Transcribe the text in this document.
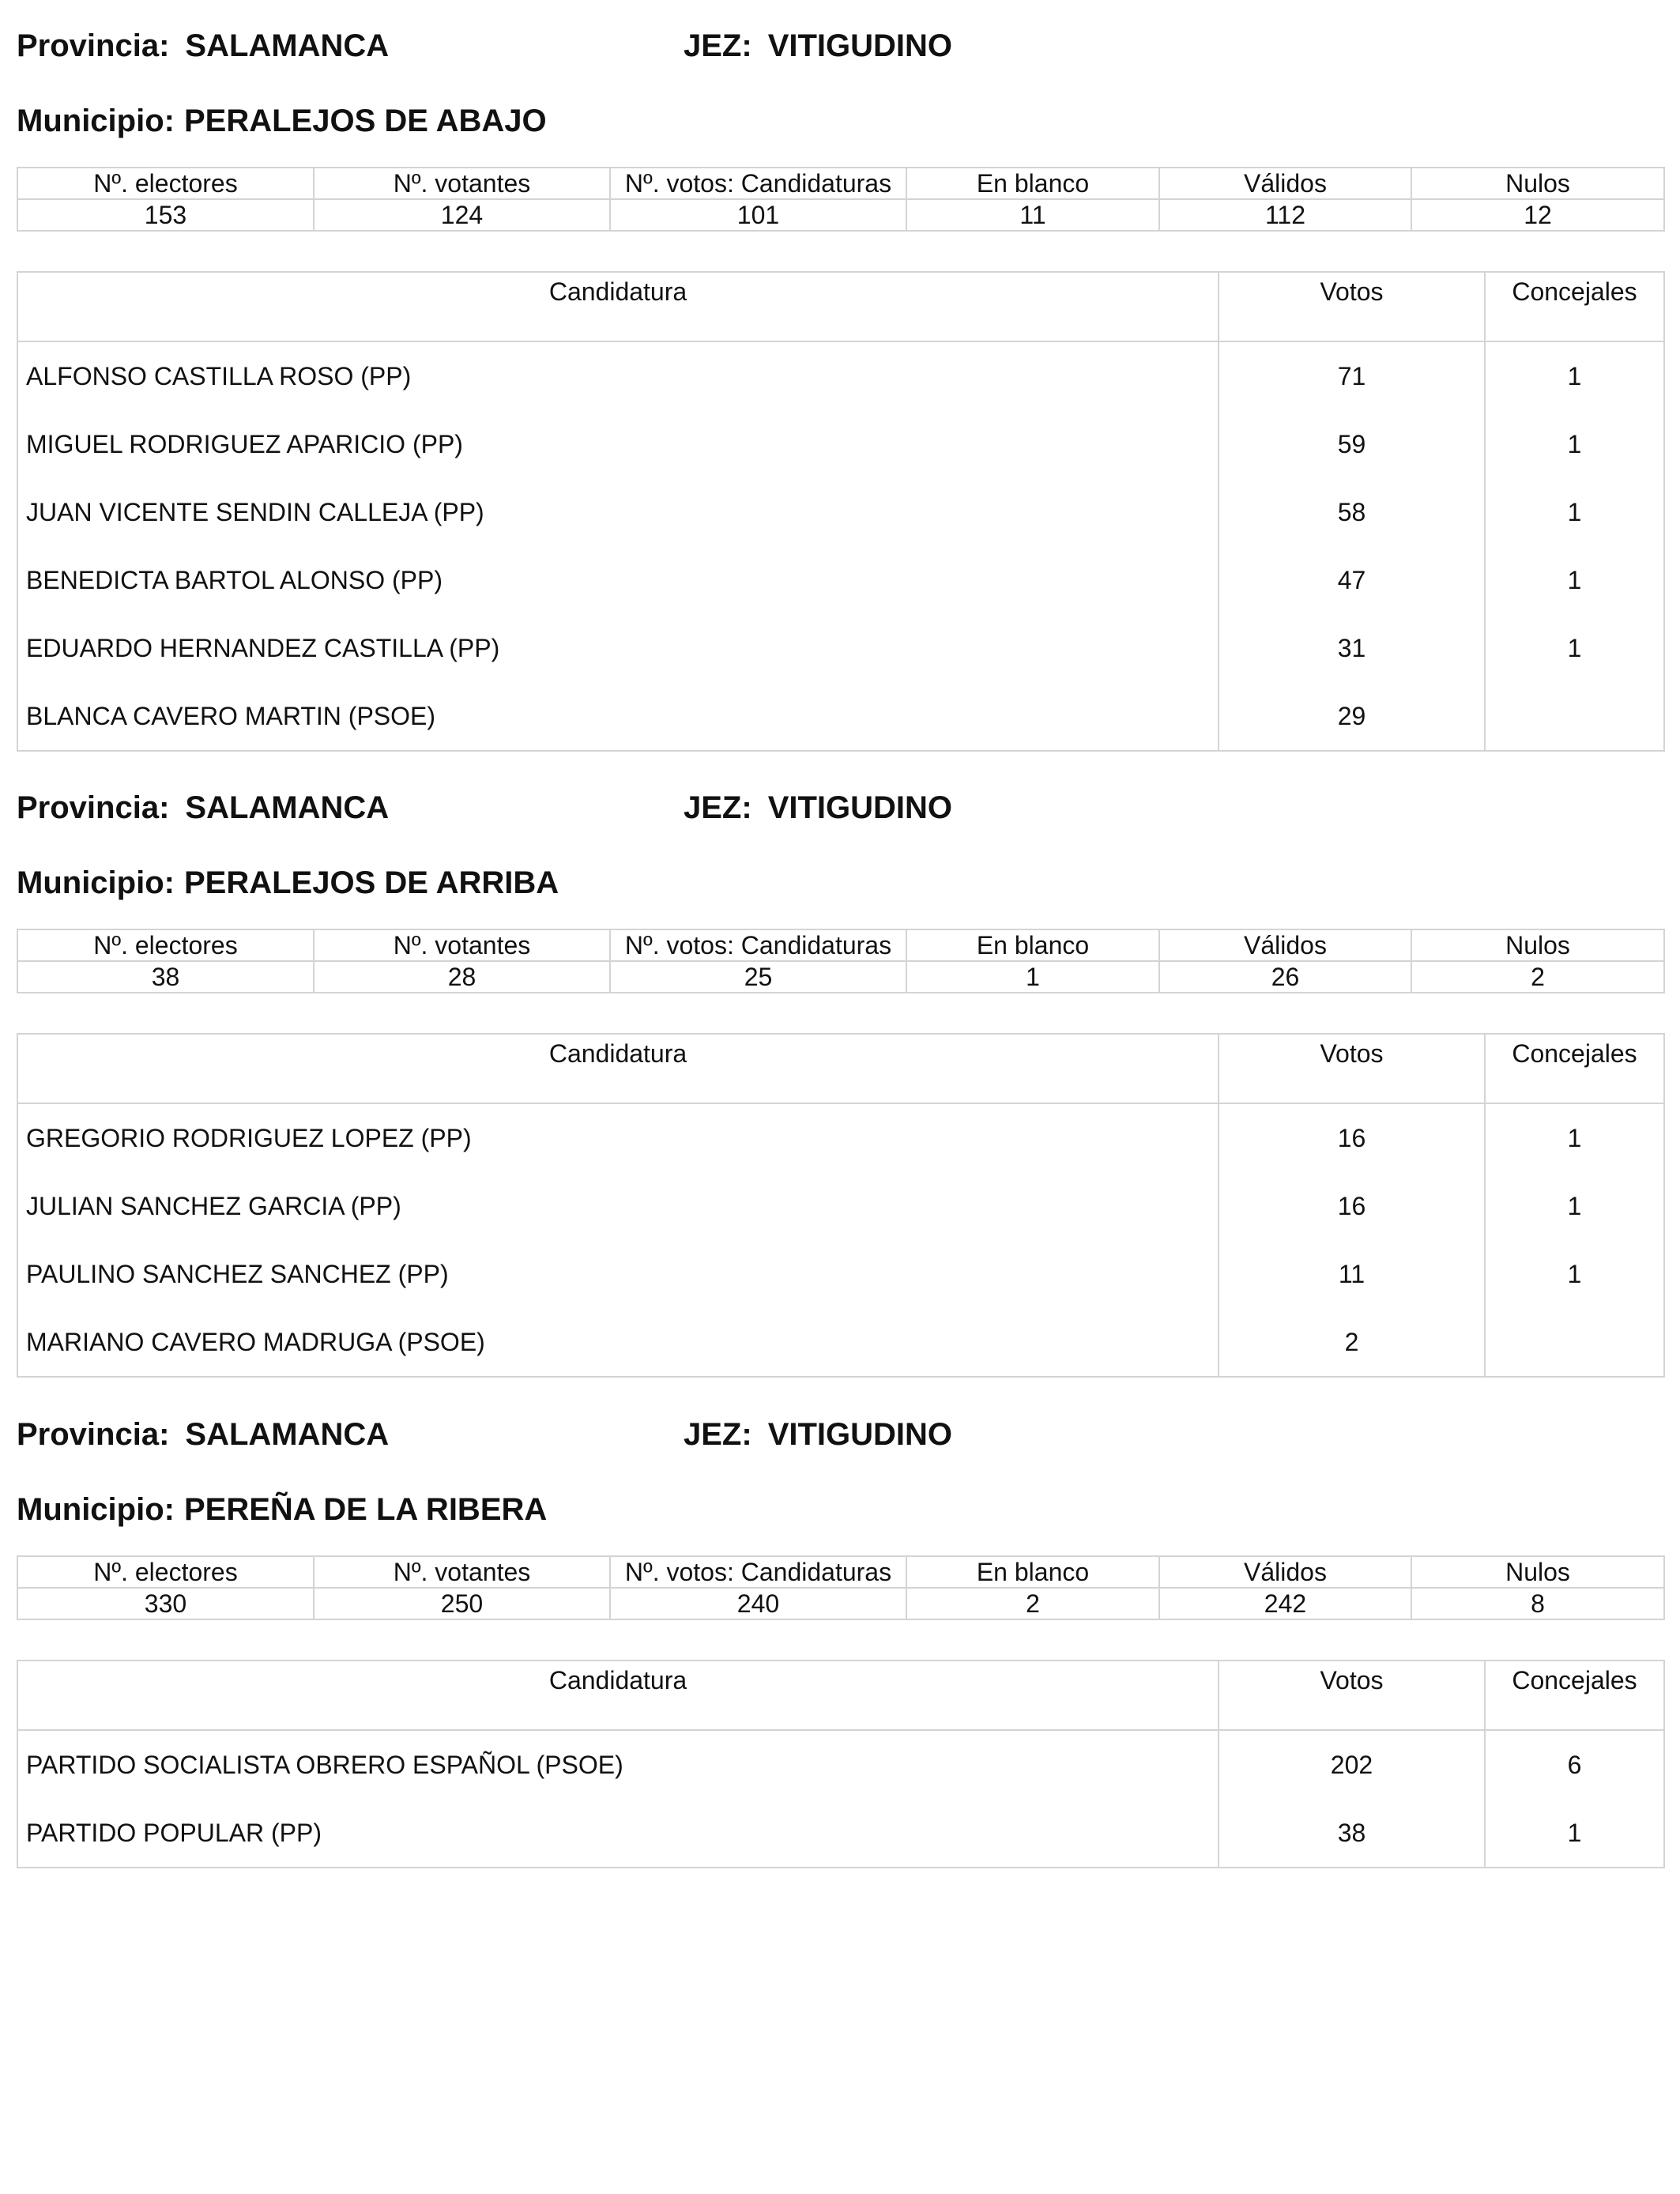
Provincia: SALAMANCA	JEZ: VITIGUDINO
Municipio: PERALEJOS DE ABAJO
Nº. electores	Nº. votantes	Nº. votos: Candidaturas	En blanco	Válidos	Nulos
153	124	101	11	112	12
Candidatura	Votos	Concejales
ALFONSO CASTILLA ROSO (PP)	71	1
MIGUEL RODRIGUEZ APARICIO (PP)	59	1
JUAN VICENTE SENDIN CALLEJA (PP)	58	1
BENEDICTA BARTOL ALONSO (PP)	47	1
EDUARDO HERNANDEZ CASTILLA (PP)	31	1
BLANCA CAVERO MARTIN (PSOE)	29	
Provincia: SALAMANCA	JEZ: VITIGUDINO
Municipio: PERALEJOS DE ARRIBA
Nº. electores	Nº. votantes	Nº. votos: Candidaturas	En blanco	Válidos	Nulos
38	28	25	1	26	2
Candidatura	Votos	Concejales
GREGORIO RODRIGUEZ LOPEZ (PP)	16	1
JULIAN SANCHEZ GARCIA (PP)	16	1
PAULINO SANCHEZ SANCHEZ (PP)	11	1
MARIANO CAVERO MADRUGA (PSOE)	2	
Provincia: SALAMANCA	JEZ: VITIGUDINO
Municipio: PEREÑA DE LA RIBERA
Nº. electores	Nº. votantes	Nº. votos: Candidaturas	En blanco	Válidos	Nulos
330	250	240	2	242	8
Candidatura	Votos	Concejales
PARTIDO SOCIALISTA OBRERO ESPAÑOL (PSOE)	202	6
PARTIDO POPULAR (PP)	38	1
